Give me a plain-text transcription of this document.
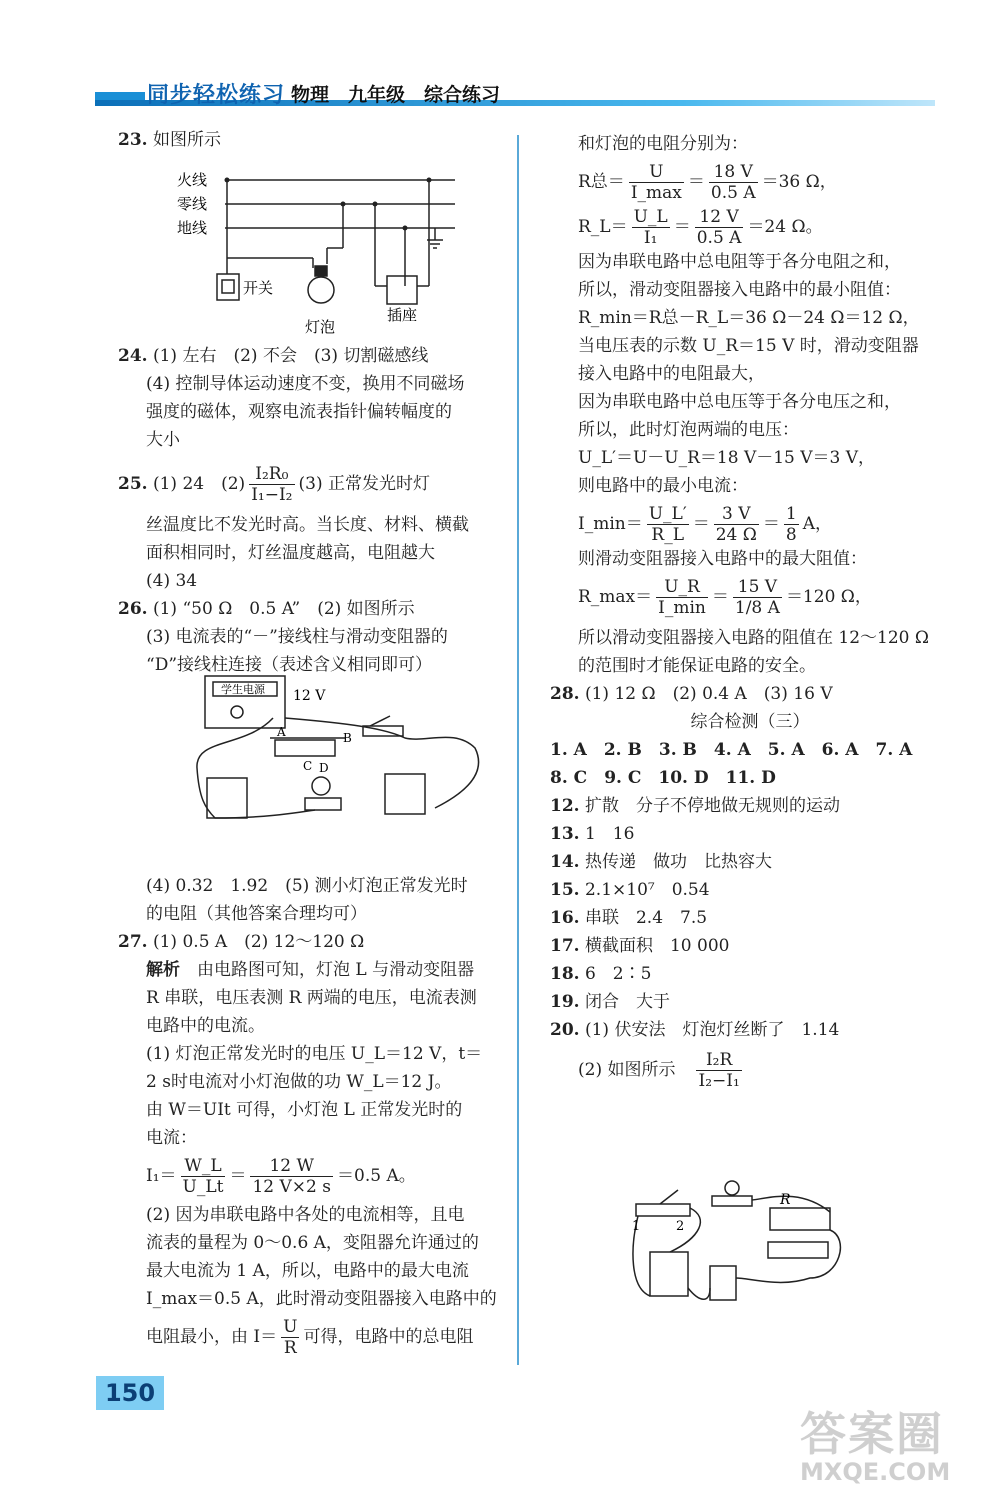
同步轻松练习 物理　九年级　综合练习

23. 如图所示

火线
零线
地线
开关
灯泡
插座

24. (1) 左右　(2) 不会　(3) 切割磁感线

(4) 控制导体运动速度不变，换用不同磁场

强度的磁体，观察电流表指针偏转幅度的

大小

25. (1) 24　$(2) \frac{\text{I₂R₀}}{\text{I₁−I₂}} (3)$ 正常发光时灯

丝温度比不发光时高。当长度、材料、横截

面积相同时，灯丝温度越高，电阻越大

(4) 34

26. (1) “50 Ω　0.5 A”　(2) 如图所示

(3) 电流表的“－”接线柱与滑动变阻器的

“D”接线柱连接（表述含义相同即可）

学生电源 12 V
A	B
C D

(4) 0.32　1.92　(5) 测小灯泡正常发光时

的电阻（其他答案合理均可）

27. (1) 0.5 A　(2) 12～120 Ω

解析　 由电路图可知，灯泡 L 与滑动变阻器

R 串联，电压表测 R 两端的电压，电流表测

电路中的电流。

(1) 灯泡正常发光时的电压 U_L＝12 V，t＝

2 s时电流对小灯泡做的功 W_L＝12 J。

由 W＝UIt 可得，小灯泡 L 正常发光时的

电流：

$I_1= \frac{W\_L}{U\_Lt} = \frac{12 W}{12 V\times 2 s} =0.5$ A。

(2) 因为串联电路中各处的电流相等，且电

流表的量程为 0～0.6 A，变阻器允许通过的

最大电流为 1 A，所以，电路中的最大电流

I_max＝0.5 A，此时滑动变阻器接入电路中的

电阻最小，由 $I= \frac{U}{R}$ 可得，电路中的总电阻

和灯泡的电阻分别为：

R总＝ $\frac{U}{I\_\max} = \frac{18 V}{0.5 A} =36$ Ω，

R_L＝ $\frac{U\_L}{\text{I₁}} = \frac{12 V}{0.5 A} =24$ Ω。

因为串联电路中总电阻等于各分电阻之和，

所以，滑动变阻器接入电路中的最小阻值：

R_min＝R总－R_L＝36 Ω－24 Ω＝12 Ω，

当电压表的示数 U_R＝15 V 时，滑动变阻器

接入电路中的电阻最大，

因为串联电路中总电压等于各分电压之和，

所以，此时灯泡两端的电压：

U_L′＝U－U_R＝18 V－15 V＝3 V，

则电路中的最小电流：

I_min＝ $\frac{U\_L'}{R\_L} = \frac{3 V}{24 \Omega} = \frac{1}{8}$ A，

则滑动变阻器接入电路中的最大阻值：

R_max＝ $\frac{U\_R}{I\_\min} = \frac{15 V}{1/8 A} =120$ Ω，

所以滑动变阻器接入电路的阻值在 12～120 Ω

的范围时才能保证电路的安全。

28. (1) 12 Ω　(2) 0.4 A　(3) 16 V

综合检测（三）

1. A　2. B　3. B　4. A　5. A　6. A　7. A

8. C　9. C　10. D　11. D

12. 扩散　分子不停地做无规则的运动

13. 1　16

14. 热传递　做功　比热容大

15. 2.1×10⁷　0.54

16. 串联　2.4　7.5

17. 横截面积　10 000

18. 6　2∶5

19. 闭合　大于

20. (1) 伏安法　灯泡灯丝断了　1.14

(2) 如图所示　 $\frac{\text{I₂R}}{\text{I₂−I₁}}$

R
1	2
150
答案圈
MXQE.COM
